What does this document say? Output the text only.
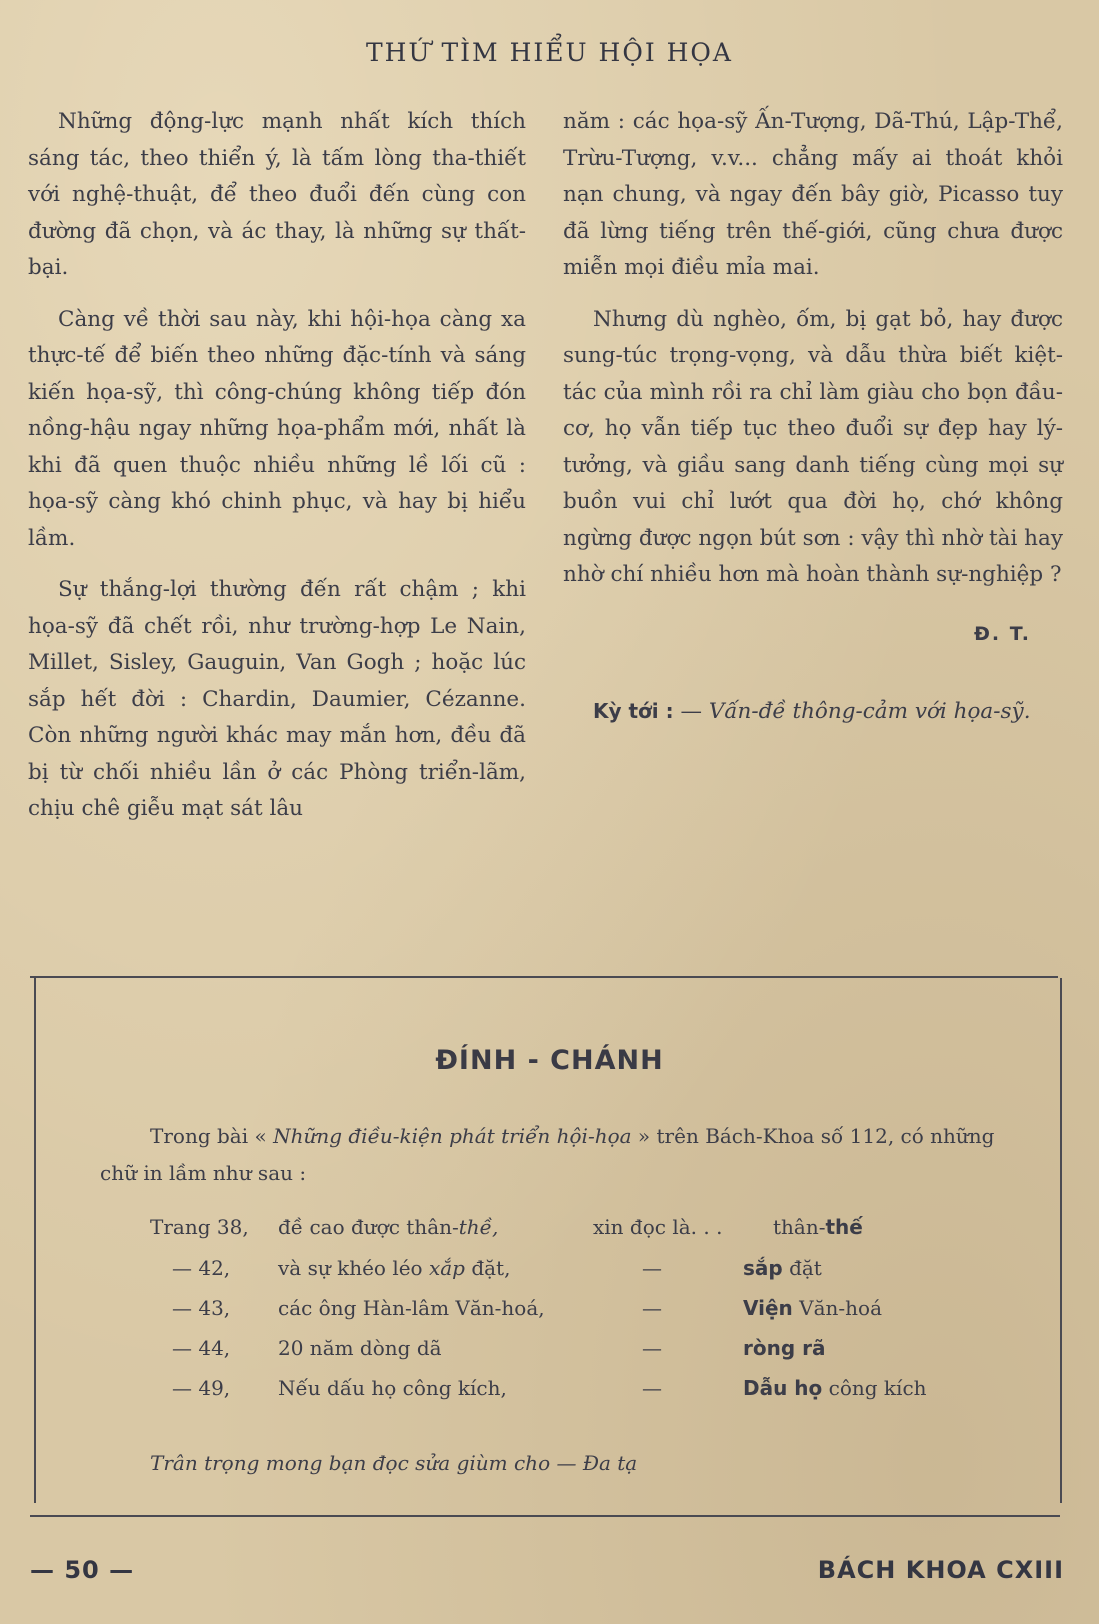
THỨ TÌM HIỂU HỘI HỌA

Những động-lực mạnh nhất kích thích sáng tác, theo thiển ý, là tấm lòng tha-thiết với nghệ-thuật, để theo đuổi đến cùng con đường đã chọn, và ác thay, là những sự thất-bại.

Càng về thời sau này, khi hội-họa càng xa thực-tế để biến theo những đặc-tính và sáng kiến họa-sỹ, thì công-chúng không tiếp đón nồng-hậu ngay những họa-phẩm mới, nhất là khi đã quen thuộc nhiều những lề lối cũ : họa-sỹ càng khó chinh phục, và hay bị hiểu lầm.

Sự thắng-lợi thường đến rất chậm ; khi họa-sỹ đã chết rồi, như trường-hợp Le Nain, Millet, Sisley, Gauguin, Van Gogh ; hoặc lúc sắp hết đời : Chardin, Daumier, Cézanne. Còn những người khác may mắn hơn, đều đã bị từ chối nhiều lần ở các Phòng triển-lãm, chịu chê giễu mạt sát lâu

năm : các họa-sỹ Ấn-Tượng, Dã-Thú, Lập-Thể, Trừu-Tượng, v.v... chẳng mấy ai thoát khỏi nạn chung, và ngay đến bây giờ, Picasso tuy đã lừng tiếng trên thế-giới, cũng chưa được miễn mọi điều mỉa mai.

Nhưng dù nghèo, ốm, bị gạt bỏ, hay được sung-túc trọng-vọng, và dẫu thừa biết kiệt-tác của mình rồi ra chỉ làm giàu cho bọn đầu-cơ, họ vẫn tiếp tục theo đuổi sự đẹp hay lý-tưởng, và giầu sang danh tiếng cùng mọi sự buồn vui chỉ lướt qua đời họ, chớ không ngừng được ngọn bút sơn : vậy thì nhờ tài hay nhờ chí nhiều hơn mà hoàn thành sự-nghiệp ?

Đ. T.
Kỳ tới : — Vấn-đề thông-cảm với họa-sỹ.
ĐÍNH - CHÁNH
Trong bài « Những điều-kiện phát triển hội-họa » trên Bách-Khoa số 112, có những chữ in lầm như sau :
Trang 38, đề cao được thân-thề,	xin đọc là. . .	thân-thế
— 42, và sự khéo léo xắp đặt,	—	sắp đặt
— 43, các ông Hàn-lâm Văn-hoá,	—	Viện Văn-hoá
— 44, 20 năm dòng dã	—	ròng rã
— 49, Nếu dấu họ công kích,	—	Dẫu họ công kích
Trân trọng mong bạn đọc sửa giùm cho — Đa tạ
— 50 —	BÁCH KHOA CXIII
